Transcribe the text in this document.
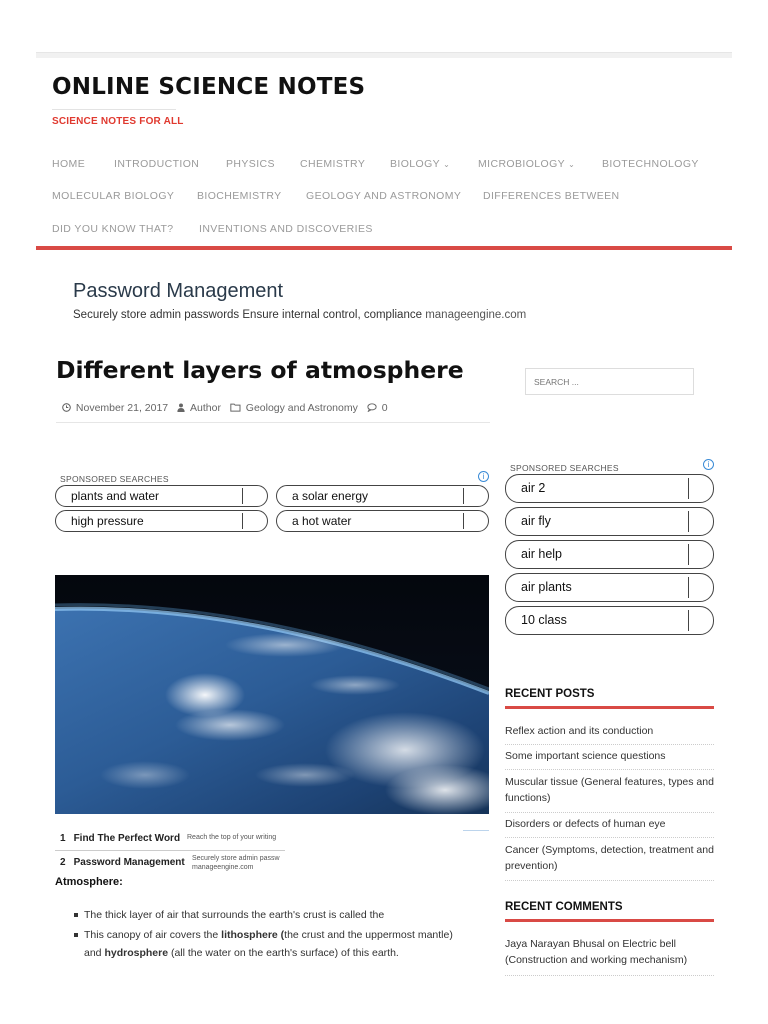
ONLINE SCIENCE NOTES
SCIENCE NOTES FOR ALL
HOME	INTRODUCTION	PHYSICS CHEMISTRY BIOLOGY ⌄	MICROBIOLOGY ⌄	BIOTECHNOLOGY
MOLECULAR BIOLOGY BIOCHEMISTRY GEOLOGY AND ASTRONOMY DIFFERENCES BETWEEN
DID YOU KNOW THAT? INVENTIONS AND DISCOVERIES
Password Management
Securely store admin passwords Ensure internal control, compliance manageengine.com
Different layers of atmosphere
November 21, 2017 Author Geology and Astronomy 0
SPONSORED SEARCHES	i
plants and water	a solar energy
high pressure	a hot water
1 Find The Perfect Word Reach the top of your writing
2 Password Management Securely store admin passw
manageengine.com
Atmosphere:
The thick layer of air that surrounds the earth's crust is called the
This canopy of air covers the lithosphere (the crust and the uppermost mantle)
and hydrosphere (all the water on the earth's surface) of this earth.
SEARCH ...
SPONSORED SEARCHES	i
air 2
air fly
air help
air plants
10 class
RECENT POSTS
Reflex action and its conduction
Some important science questions
Muscular tissue (General features, types and functions)
Disorders or defects of human eye
Cancer (Symptoms, detection, treatment and prevention)
RECENT COMMENTS
Jaya Narayan Bhusal on Electric bell (Construction and working mechanism)
